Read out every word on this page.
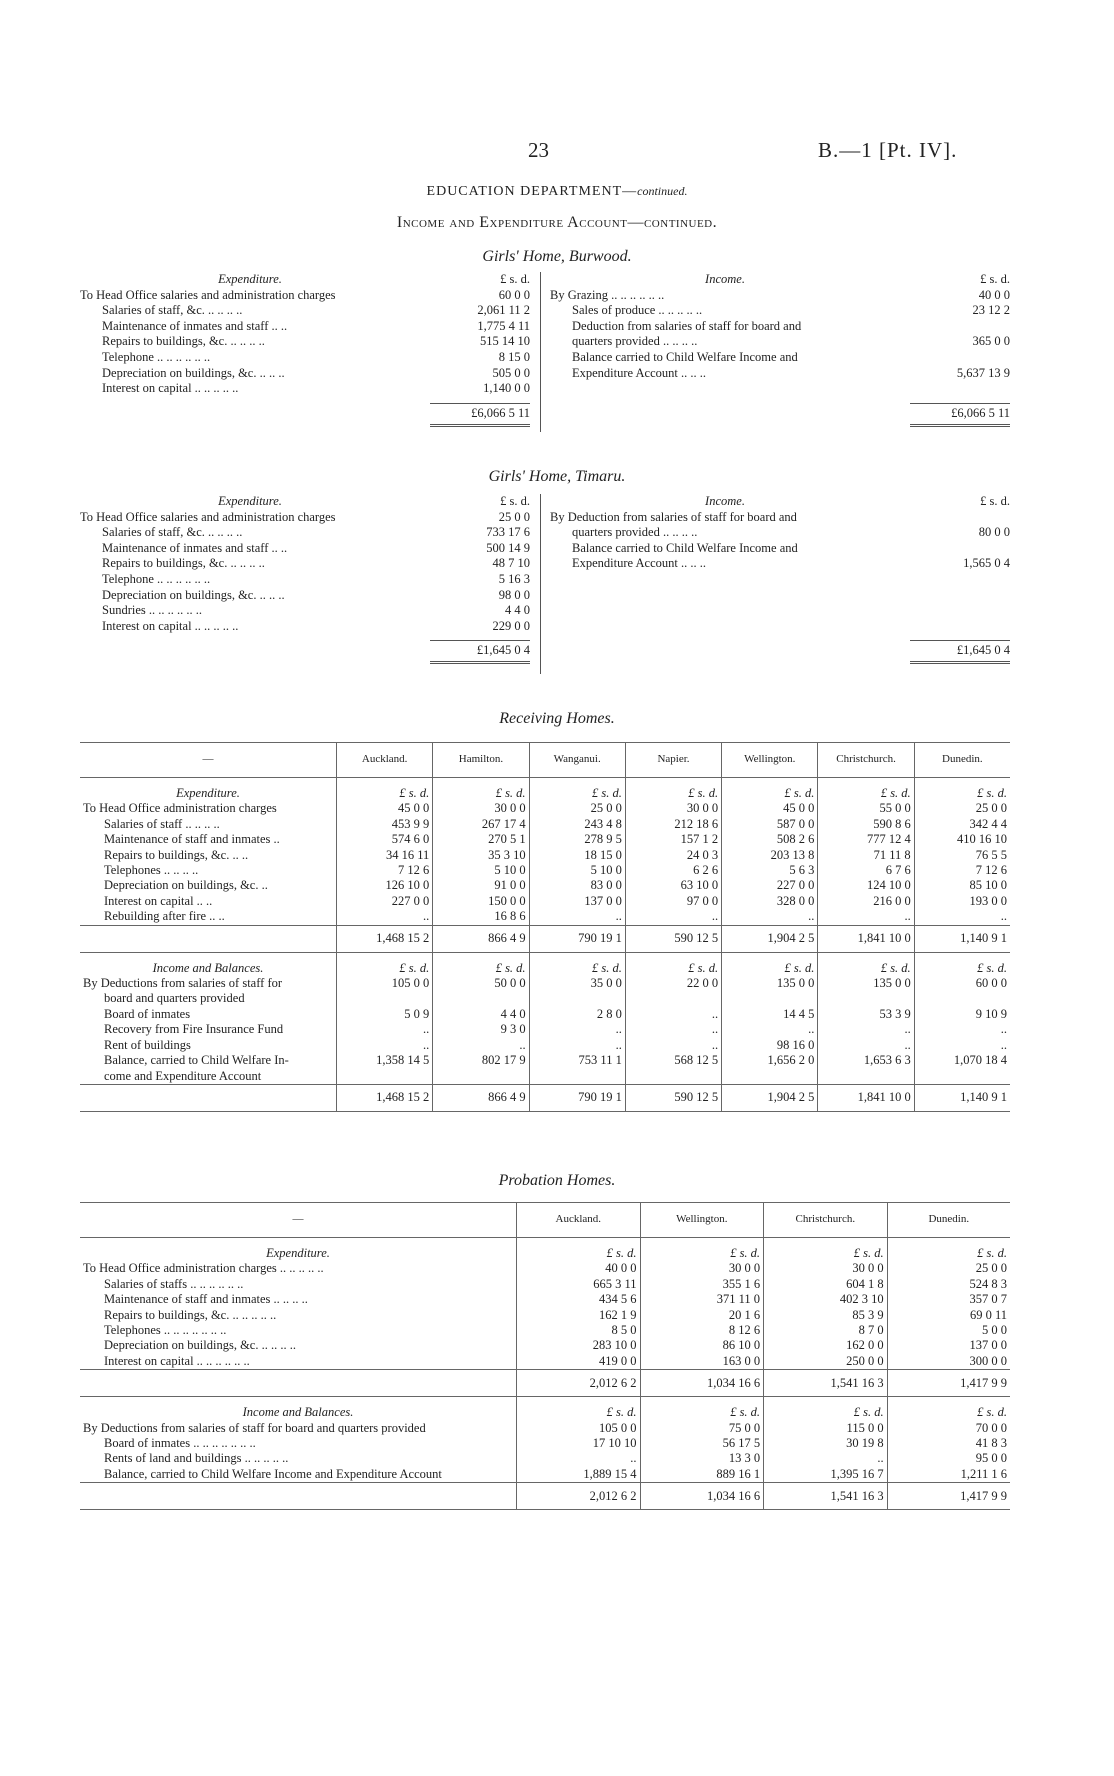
23	B.—1 [Pt. IV].
EDUCATION DEPARTMENT—continued.
Income and Expenditure Account—continued.
Girls' Home, Burwood.
Expenditure.	£ s. d.
To Head Office salaries and administration charges	60 0 0
Salaries of staff, &c. .. .. .. ..	2,061 11 2
Maintenance of inmates and staff .. ..	1,775 4 11
Repairs to buildings, &c. .. .. .. ..	515 14 10
Telephone .. .. .. .. .. ..	8 15 0
Depreciation on buildings, &c. .. .. ..	505 0 0
Interest on capital .. .. .. .. ..	1,140 0 0
£6,066 5 11
Income.	£ s. d.
By Grazing .. .. .. .. .. ..	40 0 0
Sales of produce .. .. .. .. ..	23 12 2
Deduction from salaries of staff for board and
quarters provided .. .. .. ..	365 0 0
Balance carried to Child Welfare Income and
Expenditure Account .. .. ..	5,637 13 9
£6,066 5 11
Girls' Home, Timaru.
Expenditure.	£ s. d.
To Head Office salaries and administration charges	25 0 0
Salaries of staff, &c. .. .. .. ..	733 17 6
Maintenance of inmates and staff .. ..	500 14 9
Repairs to buildings, &c. .. .. .. ..	48 7 10
Telephone .. .. .. .. .. ..	5 16 3
Depreciation on buildings, &c. .. .. ..	98 0 0
Sundries .. .. .. .. .. ..	4 4 0
Interest on capital .. .. .. .. ..	229 0 0
£1,645 0 4
Income.	£ s. d.
By Deduction from salaries of staff for board and
quarters provided .. .. .. ..	80 0 0
Balance carried to Child Welfare Income and
Expenditure Account .. .. ..	1,565 0 4
£1,645 0 4
Receiving Homes.
—	Auckland.	Hamilton.	Wanganui.	Napier.	Wellington.	Christchurch.	Dunedin.

Expenditure.	£ s. d.	£ s. d.	£ s. d.	£ s. d.	£ s. d.	£ s. d.	£ s. d.
To Head Office administration charges	45 0 0	30 0 0	25 0 0	30 0 0	45 0 0	55 0 0	25 0 0
Salaries of staff .. .. .. ..	453 9 9	267 17 4	243 4 8	212 18 6	587 0 0	590 8 6	342 4 4
Maintenance of staff and inmates ..	574 6 0	270 5 1	278 9 5	157 1 2	508 2 6	777 12 4	410 16 10
Repairs to buildings, &c. .. ..	34 16 11	35 3 10	18 15 0	24 0 3	203 13 8	71 11 8	76 5 5
Telephones .. .. .. ..	7 12 6	5 10 0	5 10 0	6 2 6	5 6 3	6 7 6	7 12 6
Depreciation on buildings, &c. ..	126 10 0	91 0 0	83 0 0	63 10 0	227 0 0	124 10 0	85 10 0
Interest on capital .. ..	227 0 0	150 0 0	137 0 0	97 0 0	328 0 0	216 0 0	193 0 0
Rebuilding after fire .. ..	..	16 8 6	..	..	..	..	..
	1,468 15 2	866 4 9	790 19 1	590 12 5	1,904 2 5	1,841 10 0	1,140 9 1

Income and Balances.	£ s. d.	£ s. d.	£ s. d.	£ s. d.	£ s. d.	£ s. d.	£ s. d.
By Deductions from salaries of staff for	105 0 0	50 0 0	35 0 0	22 0 0	135 0 0	135 0 0	60 0 0
board and quarters provided							
Board of inmates	5 0 9	4 4 0	2 8 0	..	14 4 5	53 3 9	9 10 9
Recovery from Fire Insurance Fund	..	9 3 0	..	..	..	..	..
Rent of buildings	..	..	..	..	98 16 0	..	..
Balance, carried to Child Welfare In-	1,358 14 5	802 17 9	753 11 1	568 12 5	1,656 2 0	1,653 6 3	1,070 18 4
come and Expenditure Account							
	1,468 15 2	866 4 9	790 19 1	590 12 5	1,904 2 5	1,841 10 0	1,140 9 1
Probation Homes.
—	Auckland.	Wellington.	Christchurch.	Dunedin.

Expenditure.	£ s. d.	£ s. d.	£ s. d.	£ s. d.
To Head Office administration charges .. .. .. .. ..	40 0 0	30 0 0	30 0 0	25 0 0
Salaries of staffs .. .. .. .. .. ..	665 3 11	355 1 6	604 1 8	524 8 3
Maintenance of staff and inmates .. .. .. ..	434 5 6	371 11 0	402 3 10	357 0 7
Repairs to buildings, &c. .. .. .. .. ..	162 1 9	20 1 6	85 3 9	69 0 11
Telephones .. .. .. .. .. .. ..	8 5 0	8 12 6	8 7 0	5 0 0
Depreciation on buildings, &c. .. .. .. ..	283 10 0	86 10 0	162 0 0	137 0 0
Interest on capital .. .. .. .. .. ..	419 0 0	163 0 0	250 0 0	300 0 0
	2,012 6 2	1,034 16 6	1,541 16 3	1,417 9 9

Income and Balances.	£ s. d.	£ s. d.	£ s. d.	£ s. d.
By Deductions from salaries of staff for board and quarters provided	105 0 0	75 0 0	115 0 0	70 0 0
Board of inmates .. .. .. .. .. .. ..	17 10 10	56 17 5	30 19 8	41 8 3
Rents of land and buildings .. .. .. .. ..	..	13 3 0	..	95 0 0
Balance, carried to Child Welfare Income and Expenditure Account	1,889 15 4	889 16 1	1,395 16 7	1,211 1 6
	2,012 6 2	1,034 16 6	1,541 16 3	1,417 9 9
